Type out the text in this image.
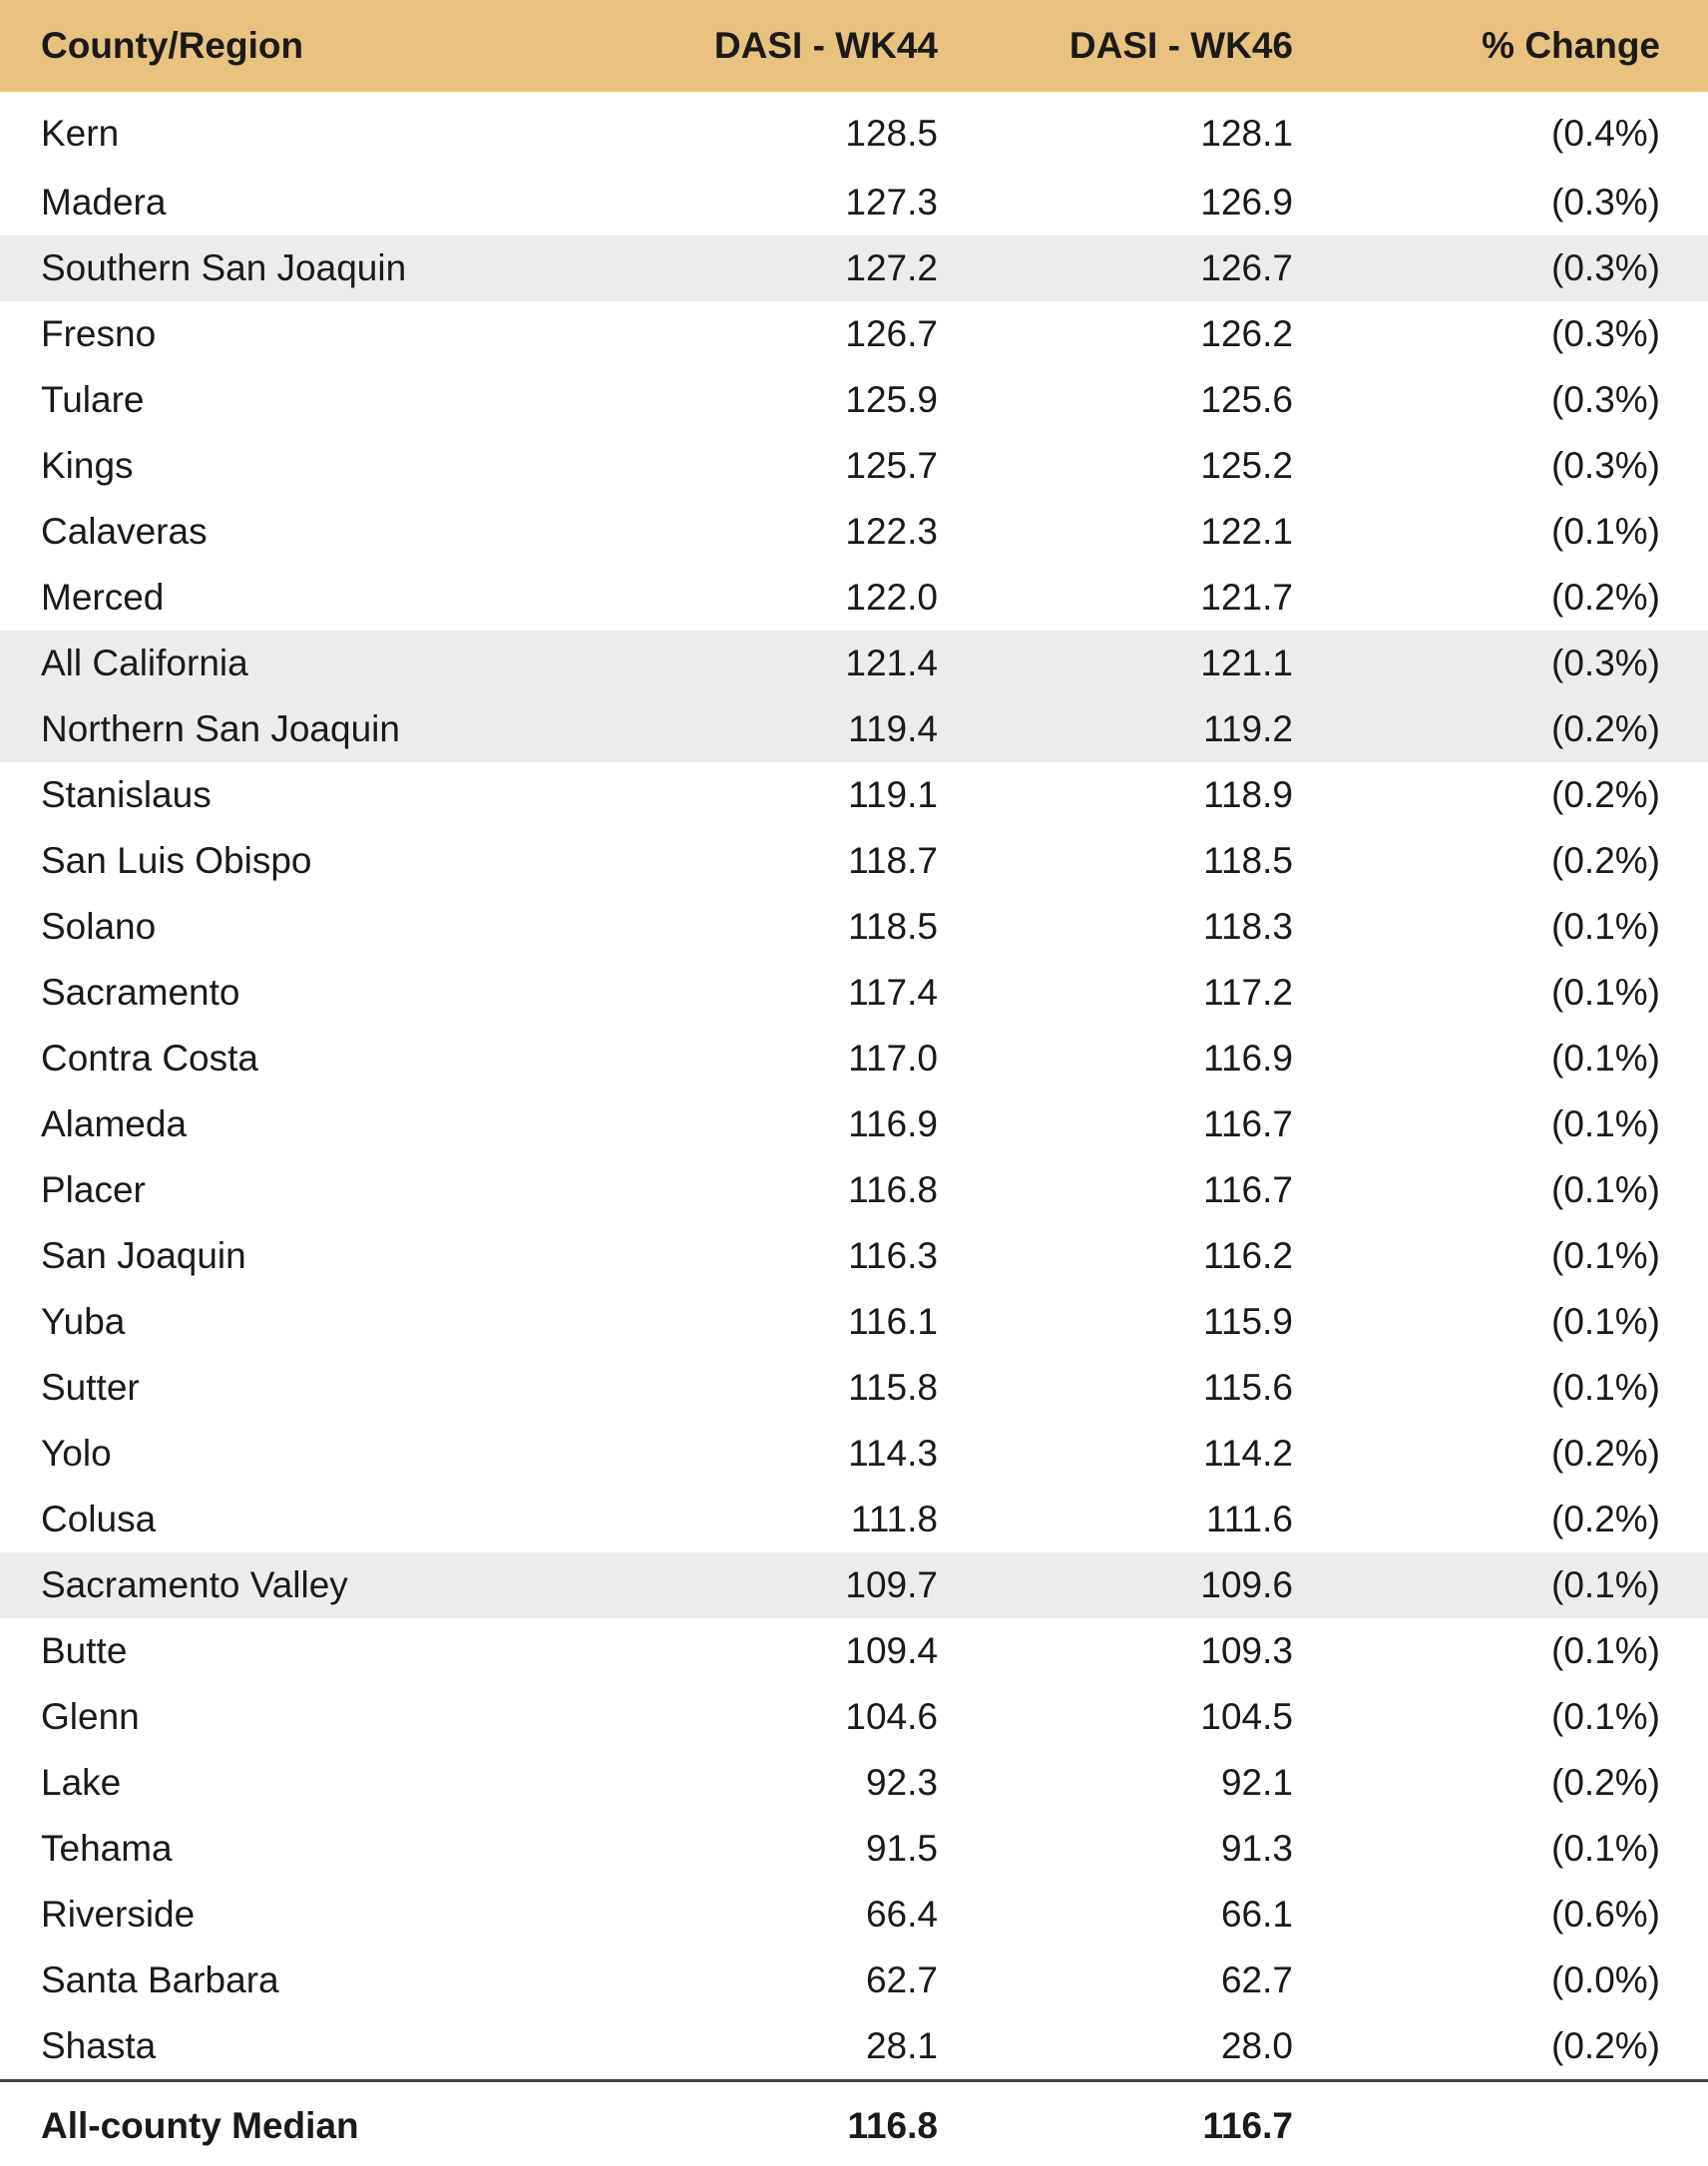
County/Region	DASI - WK44	DASI - WK46	% Change
Kern	128.5	128.1	(0.4%)
Madera	127.3	126.9	(0.3%)
Southern San Joaquin	127.2	126.7	(0.3%)
Fresno	126.7	126.2	(0.3%)
Tulare	125.9	125.6	(0.3%)
Kings	125.7	125.2	(0.3%)
Calaveras	122.3	122.1	(0.1%)
Merced	122.0	121.7	(0.2%)
All California	121.4	121.1	(0.3%)
Northern San Joaquin	119.4	119.2	(0.2%)
Stanislaus	119.1	118.9	(0.2%)
San Luis Obispo	118.7	118.5	(0.2%)
Solano	118.5	118.3	(0.1%)
Sacramento	117.4	117.2	(0.1%)
Contra Costa	117.0	116.9	(0.1%)
Alameda	116.9	116.7	(0.1%)
Placer	116.8	116.7	(0.1%)
San Joaquin	116.3	116.2	(0.1%)
Yuba	116.1	115.9	(0.1%)
Sutter	115.8	115.6	(0.1%)
Yolo	114.3	114.2	(0.2%)
Colusa	111.8	111.6	(0.2%)
Sacramento Valley	109.7	109.6	(0.1%)
Butte	109.4	109.3	(0.1%)
Glenn	104.6	104.5	(0.1%)
Lake	92.3	92.1	(0.2%)
Tehama	91.5	91.3	(0.1%)
Riverside	66.4	66.1	(0.6%)
Santa Barbara	62.7	62.7	(0.0%)
Shasta	28.1	28.0	(0.2%)
All-county Median	116.8	116.7	
